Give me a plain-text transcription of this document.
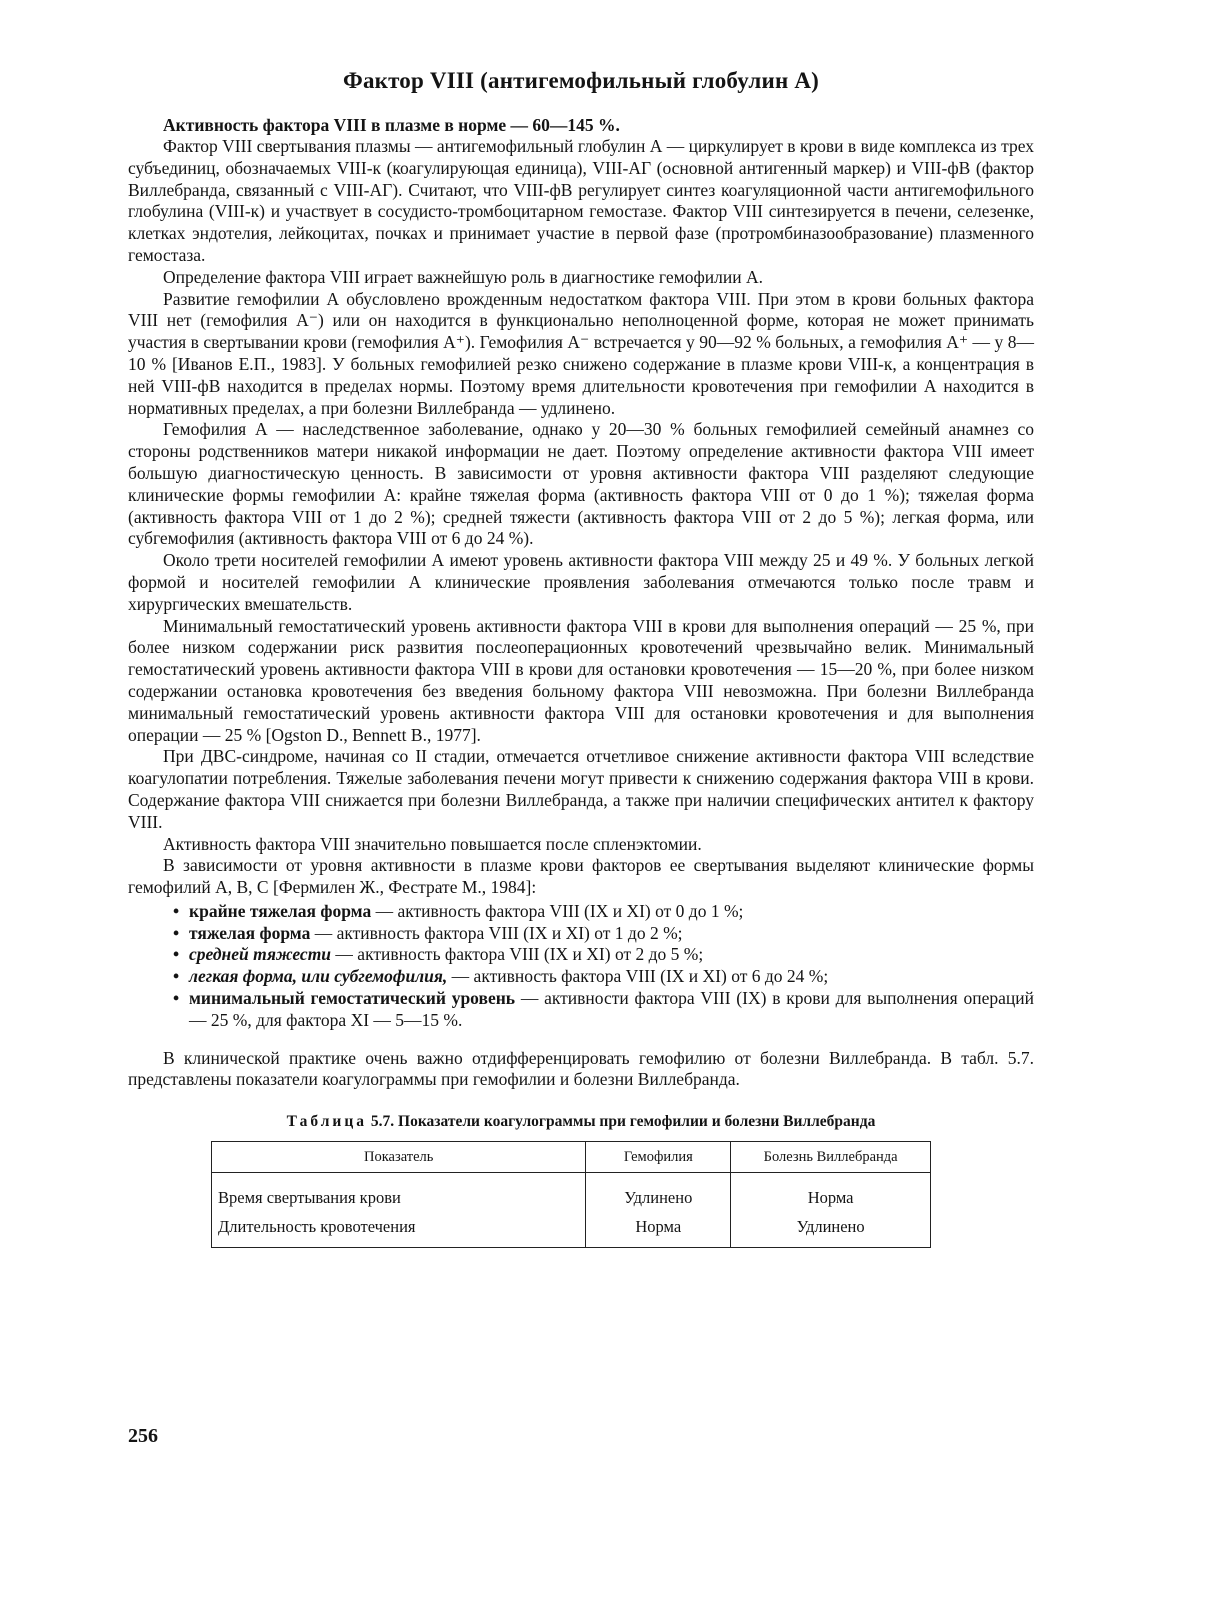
Фактор VIII (антигемофильный глобулин А)
Активность фактора VIII в плазме в норме — 60—145 %.

Фактор VIII свертывания плазмы — антигемофильный глобулин А — циркулирует в крови в виде комплекса из трех субъединиц, обозначаемых VIII-к (коагулирующая единица), VIII-АГ (основной антигенный маркер) и VIII-фВ (фактор Виллебранда, связанный с VIII-АГ). Считают, что VIII-фВ регулирует синтез коагуляционной части антигемофильного глобулина (VIII-к) и участвует в сосудисто-тромбоцитарном гемостазе. Фактор VIII синтезируется в печени, селезенке, клетках эндотелия, лейкоцитах, почках и принимает участие в первой фазе (протромбиназообразование) плазменного гемостаза.

Определение фактора VIII играет важнейшую роль в диагностике гемофилии А.

Развитие гемофилии А обусловлено врожденным недостатком фактора VIII. При этом в крови больных фактора VIII нет (гемофилия А⁻) или он находится в функционально неполноценной форме, которая не может принимать участия в свертывании крови (гемофилия А⁺). Гемофилия А⁻ встречается у 90—92 % больных, а гемофилия А⁺ — у 8—10 % [Иванов Е.П., 1983]. У больных гемофилией резко снижено содержание в плазме крови VIII-к, а концентрация в ней VIII-фВ находится в пределах нормы. Поэтому время длительности кровотечения при гемофилии А находится в нормативных пределах, а при болезни Виллебранда — удлинено.

Гемофилия А — наследственное заболевание, однако у 20—30 % больных гемофилией семейный анамнез со стороны родственников матери никакой информации не дает. Поэтому определение активности фактора VIII имеет большую диагностическую ценность. В зависимости от уровня активности фактора VIII разделяют следующие клинические формы гемофилии А: крайне тяжелая форма (активность фактора VIII от 0 до 1 %); тяжелая форма (активность фактора VIII от 1 до 2 %); средней тяжести (активность фактора VIII от 2 до 5 %); легкая форма, или субгемофилия (активность фактора VIII от 6 до 24 %).

Около трети носителей гемофилии А имеют уровень активности фактора VIII между 25 и 49 %. У больных легкой формой и носителей гемофилии А клинические проявления заболевания отмечаются только после травм и хирургических вмешательств.

Минимальный гемостатический уровень активности фактора VIII в крови для выполнения операций — 25 %, при более низком содержании риск развития послеоперационных кровотечений чрезвычайно велик. Минимальный гемостатический уровень активности фактора VIII в крови для остановки кровотечения — 15—20 %, при более низком содержании остановка кровотечения без введения больному фактора VIII невозможна. При болезни Виллебранда минимальный гемостатический уровень активности фактора VIII для остановки кровотечения и для выполнения операции — 25 % [Ogston D., Bennett B., 1977].

При ДВС-синдроме, начиная со II стадии, отмечается отчетливое снижение активности фактора VIII вследствие коагулопатии потребления. Тяжелые заболевания печени могут привести к снижению содержания фактора VIII в крови. Содержание фактора VIII снижается при болезни Виллебранда, а также при наличии специфических антител к фактору VIII.

Активность фактора VIII значительно повышается после спленэктомии.

В зависимости от уровня активности в плазме крови факторов ее свертывания выделяют клинические формы гемофилий А, В, С [Фермилен Ж., Фестрате М., 1984]:

• крайне тяжелая форма — активность фактора VIII (IX и XI) от 0 до 1 %;
• тяжелая форма — активность фактора VIII (IX и XI) от 1 до 2 %;
• средней тяжести — активность фактора VIII (IX и XI) от 2 до 5 %;
• легкая форма, или субгемофилия, — активность фактора VIII (IX и XI) от 6 до 24 %;
• минимальный гемостатический уровень — активности фактора VIII (IX) в крови для выполнения операций — 25 %, для фактора XI — 5—15 %.

В клинической практике очень важно отдифференцировать гемофилию от болезни Виллебранда. В табл. 5.7. представлены показатели коагулограммы при гемофилии и болезни Виллебранда.

Таблица 5.7. Показатели коагулограммы при гемофилии и болезни Виллебранда
Показатель	Гемофилия	Болезнь Виллебранда
Время свертывания крови	Удлинено	Норма
Длительность кровотечения	Норма	Удлинено
256
